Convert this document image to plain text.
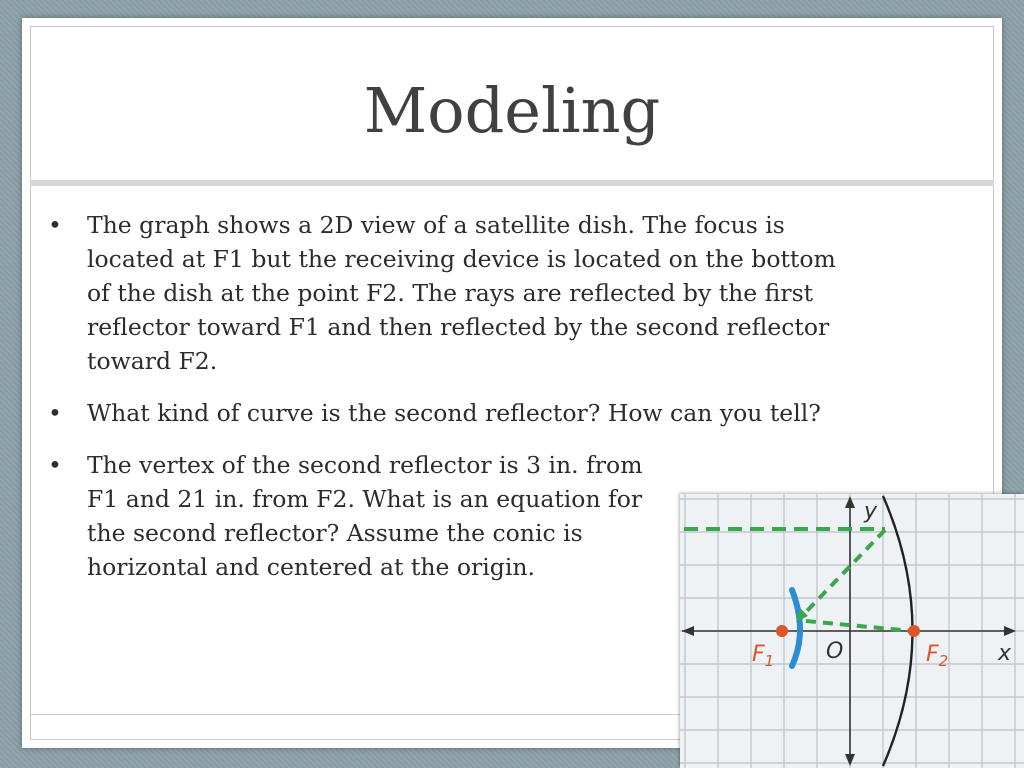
Modeling
• The graph shows a 2D view of a satellite dish. The focus is located at F1 but the receiving device is located on the bottom of the dish at the point F2. The rays are reflected by the first reflector toward F1 and then reflected by the second reflector toward F2.
• What kind of curve is the second reflector? How can you tell?
• The vertex of the second reflector is 3 in. from F1 and 21 in. from F2. What is an equation for the second reflector? Assume the conic is horizontal and centered at the origin.
y
x
O
$F_1$	$F_2$
